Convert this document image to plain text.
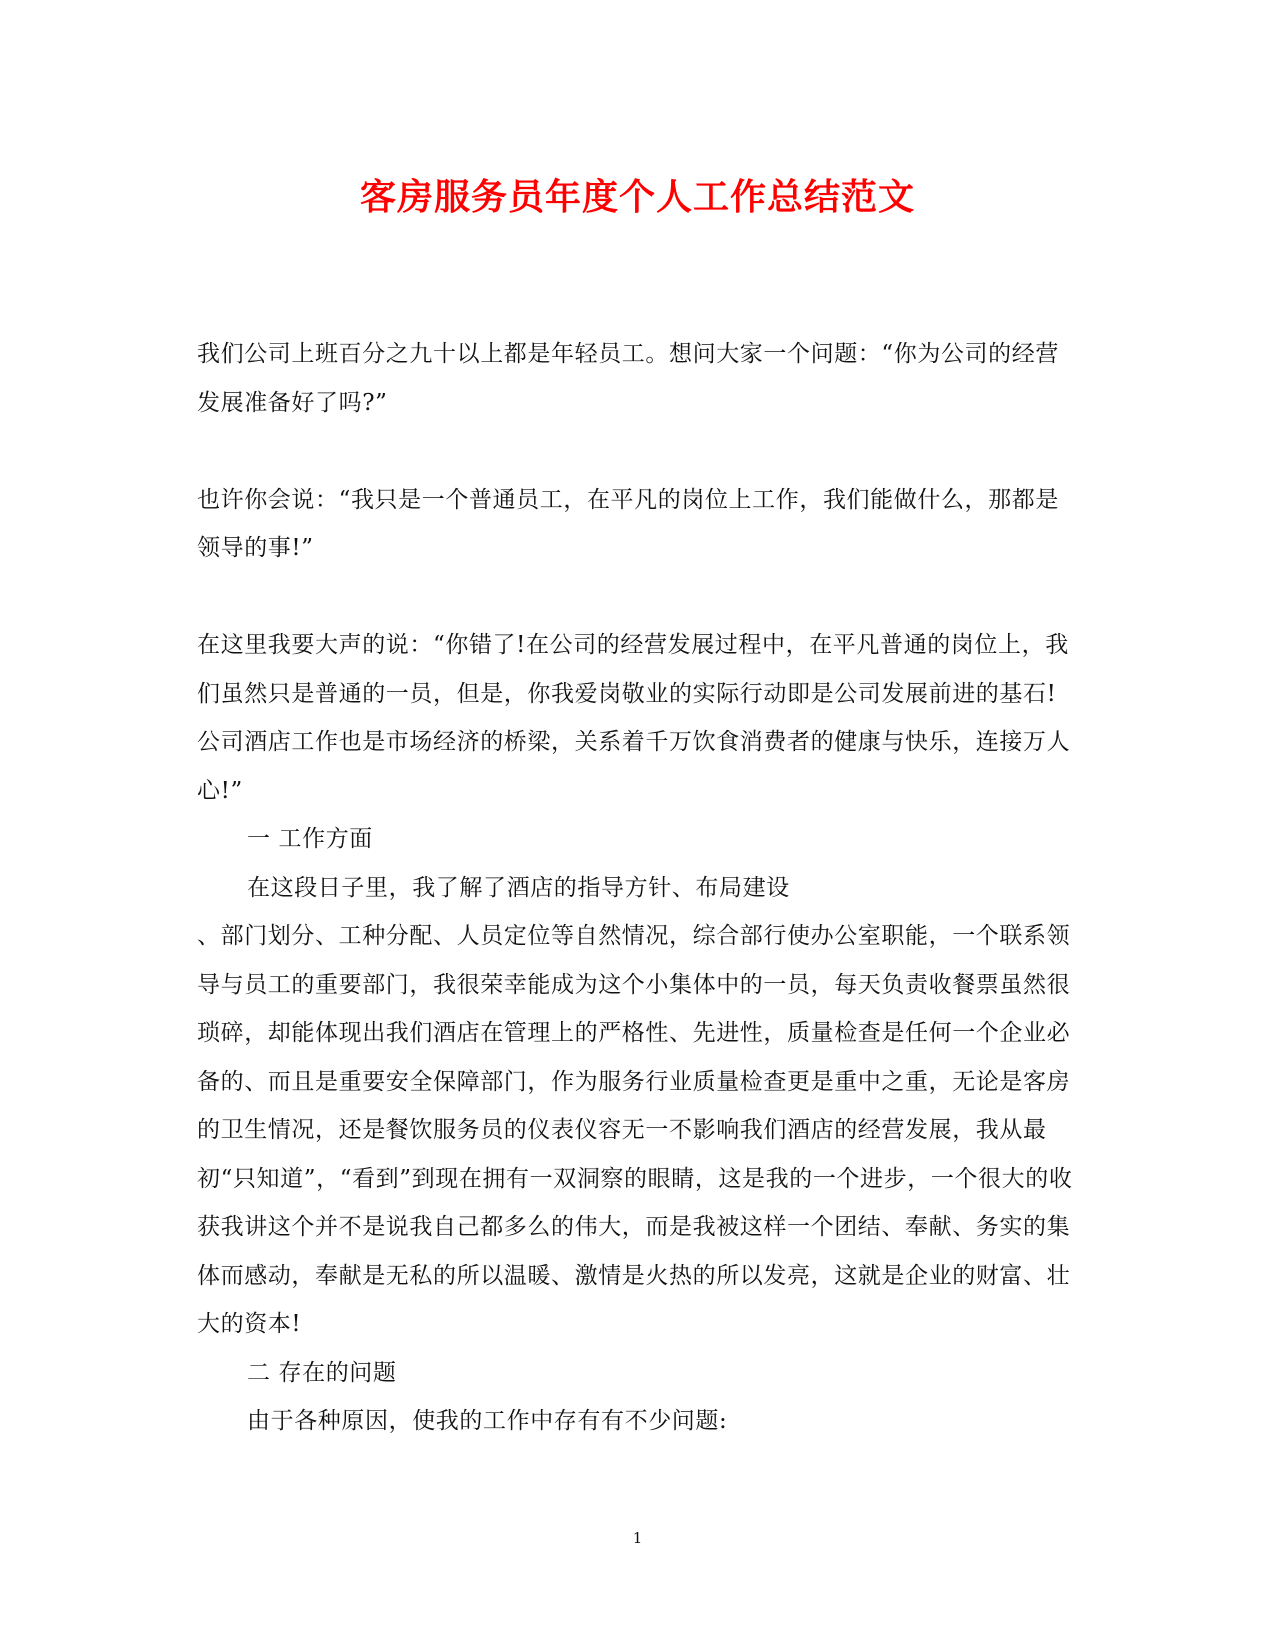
客房服务员年度个人工作总结范文

我们公司上班百分之九十以上都是年轻员工。想问大家一个问题：“你为公司的经营发展准备好了吗?”

也许你会说：“我只是一个普通员工，在平凡的岗位上工作，我们能做什么，那都是领导的事!”

在这里我要大声的说：“你错了!在公司的经营发展过程中，在平凡普通的岗位上，我们虽然只是普通的一员，但是，你我爱岗敬业的实际行动即是公司发展前进的基石!公司酒店工作也是市场经济的桥梁，关系着千万饮食消费者的健康与快乐，连接万人心!”

一 工作方面

在这段日子里，我了解了酒店的指导方针、布局建设

、部门划分、工种分配、人员定位等自然情况，综合部行使办公室职能，一个联系领导与员工的重要部门，我很荣幸能成为这个小集体中的一员，每天负责收餐票虽然很琐碎，却能体现出我们酒店在管理上的严格性、先进性，质量检查是任何一个企业必备的、而且是重要安全保障部门，作为服务行业质量检查更是重中之重，无论是客房的卫生情况，还是餐饮服务员的仪表仪容无一不影响我们酒店的经营发展，我从最初“只知道”，“看到”到现在拥有一双洞察的眼睛，这是我的一个进步，一个很大的收获我讲这个并不是说我自己都多么的伟大，而是我被这样一个团结、奉献、务实的集体而感动，奉献是无私的所以温暖、激情是火热的所以发亮，这就是企业的财富、壮大的资本!

二 存在的问题

由于各种原因，使我的工作中存有有不少问题:

1
